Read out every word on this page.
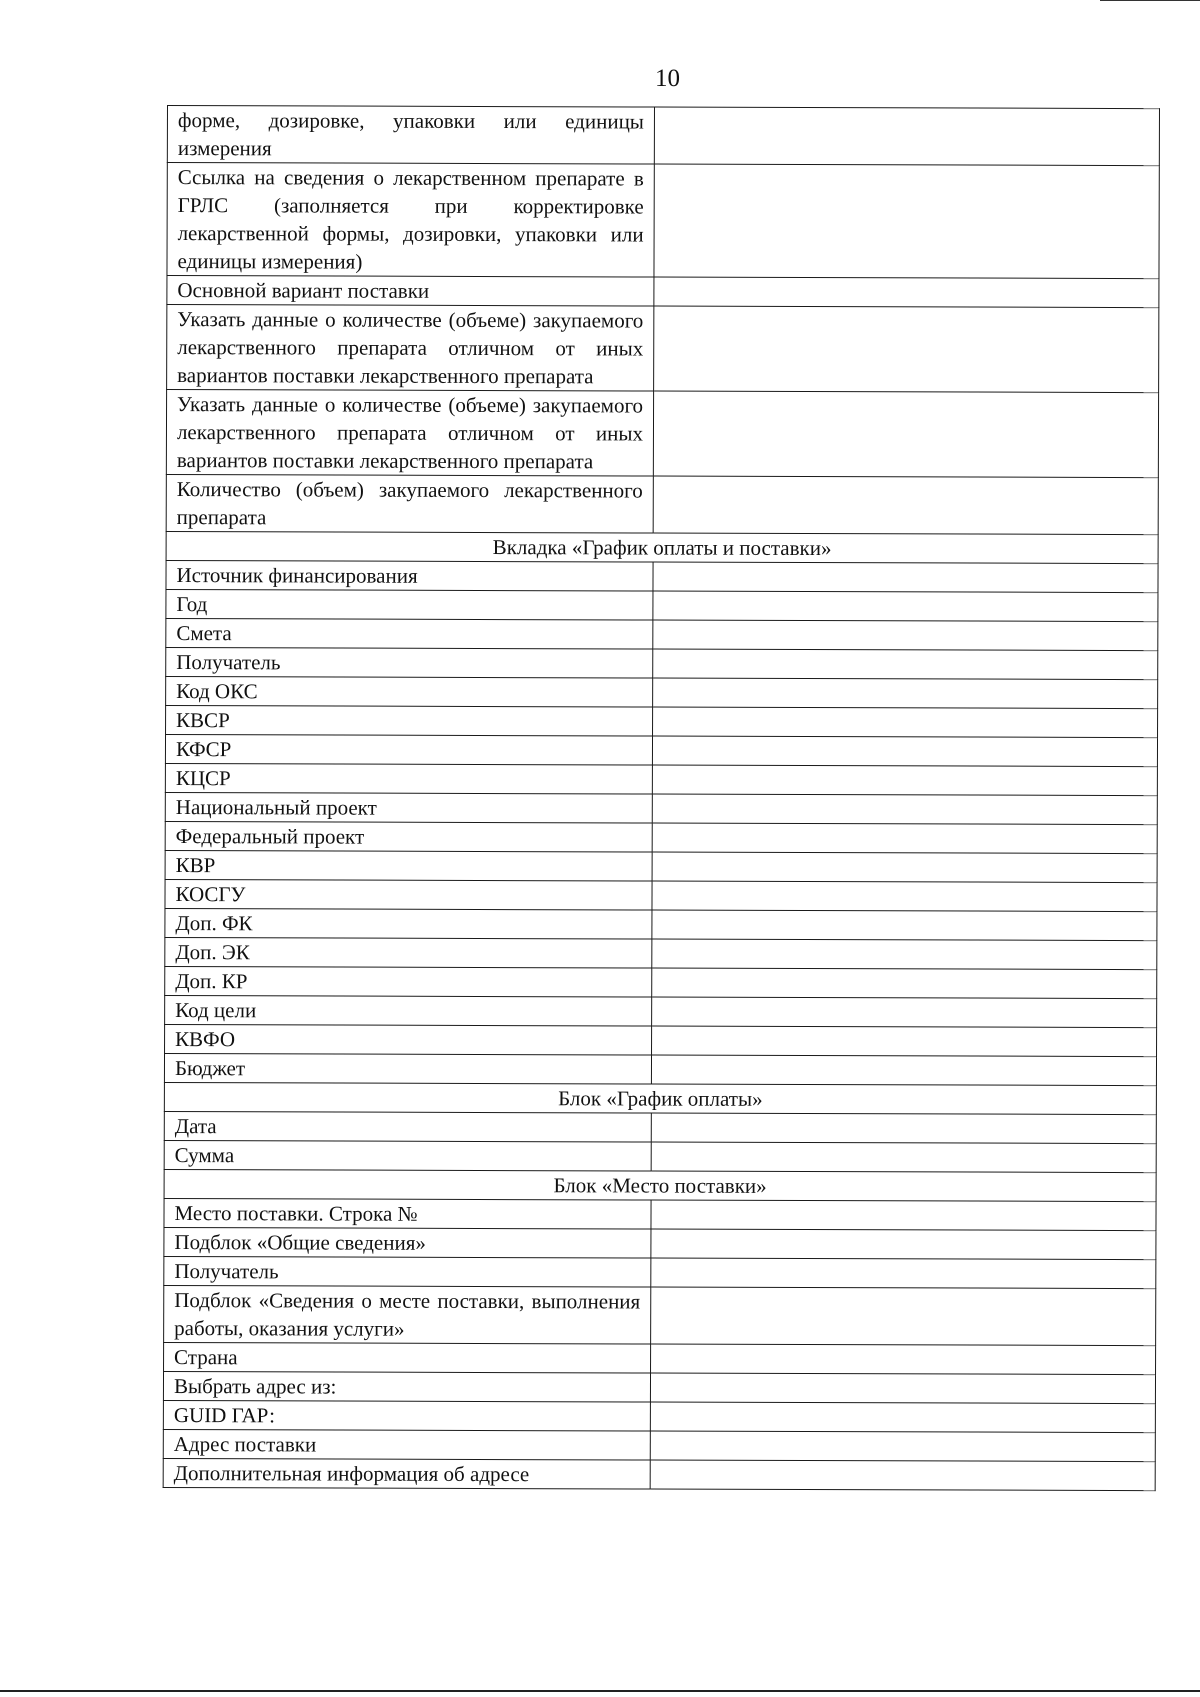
10
форме, дозировке, упаковки или единицы измерения	
Ссылка на сведения о лекарственном препарате в ГРЛС (заполняется при корректировке лекарственной формы, дозировки, упаковки или единицы измерения)	
Основной вариант поставки	
Указать данные о количестве (объеме) закупаемого лекарственного препарата отличном от иных вариантов поставки лекарственного препарата	
Указать данные о количестве (объеме) закупаемого лекарственного препарата отличном от иных вариантов поставки лекарственного препарата	
Количество (объем) закупаемого лекарственного препарата	
Вкладка «График оплаты и поставки»	
Источник финансирования	
Год	
Смета	
Получатель	
Код ОКС	
КВСР	
КФСР	
КЦСР	
Национальный проект	
Федеральный проект	
КВР	
КОСГУ	
Доп. ФК	
Доп. ЭК	
Доп. КР	
Код цели	
КВФО	
Бюджет	
Блок «График оплаты»	
Дата	
Сумма	
Блок «Место поставки»	
Место поставки. Строка №	
Подблок «Общие сведения»	
Получатель	
Подблок «Сведения о месте поставки, выполнения работы, оказания услуги»	
Страна	
Выбрать адрес из:	
GUID ГАР:	
Адрес поставки	
Дополнительная информация об адресе	
